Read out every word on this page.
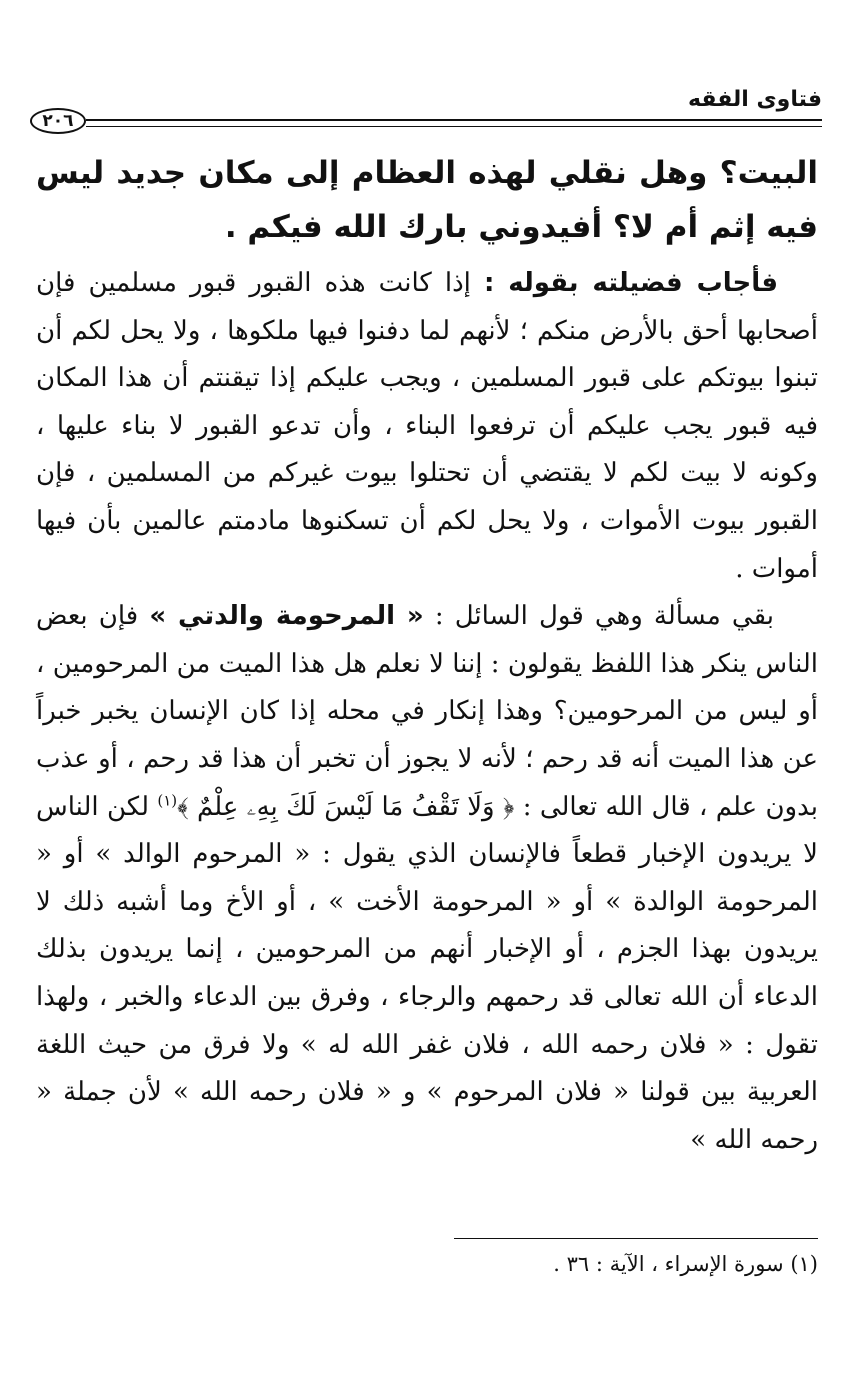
فتاوى الفقه
٢٠٦

البيت؟ وهل نقلي لهذه العظام إلى مكان جديد ليس فيه إثم أم لا؟ أفيدوني بارك الله فيكم .

فأجاب فضيلته بقوله : إذا كانت هذه القبور قبور مسلمين فإن أصحابها أحق بالأرض منكم ؛ لأنهم لما دفنوا فيها ملكوها ، ولا يحل لكم أن تبنوا بيوتكم على قبور المسلمين ، ويجب عليكم إذا تيقنتم أن هذا المكان فيه قبور يجب عليكم أن ترفعوا البناء ، وأن تدعو القبور لا بناء عليها ، وكونه لا بيت لكم لا يقتضي أن تحتلوا بيوت غيركم من المسلمين ، فإن القبور بيوت الأموات ، ولا يحل لكم أن تسكنوها مادمتم عالمين بأن فيها أموات .

بقي مسألة وهي قول السائل : « المرحومة والدتي » فإن بعض الناس ينكر هذا اللفظ يقولون : إننا لا نعلم هل هذا الميت من المرحومين ، أو ليس من المرحومين؟ وهذا إنكار في محله إذا كان الإنسان يخبر خبراً عن هذا الميت أنه قد رحم ؛ لأنه لا يجوز أن تخبر أن هذا قد رحم ، أو عذب بدون علم ، قال الله تعالى : ﴿ وَلَا تَقْفُ مَا لَيْسَ لَكَ بِهِۦ عِلْمٌ ﴾$^{(١)}$ لكن الناس لا يريدون الإخبار قطعاً فالإنسان الذي يقول : « المرحوم الوالد » أو « المرحومة الوالدة » أو « المرحومة الأخت » ، أو الأخ وما أشبه ذلك لا يريدون بهذا الجزم ، أو الإخبار أنهم من المرحومين ، إنما يريدون بذلك الدعاء أن الله تعالى قد رحمهم والرجاء ، وفرق بين الدعاء والخبر ، ولهذا تقول : « فلان رحمه الله ، فلان غفر الله له » ولا فرق من حيث اللغة العربية بين قولنا « فلان المرحوم » و « فلان رحمه الله » لأن جملة « رحمه الله »

(١) سورة الإسراء ، الآية : ٣٦ .
